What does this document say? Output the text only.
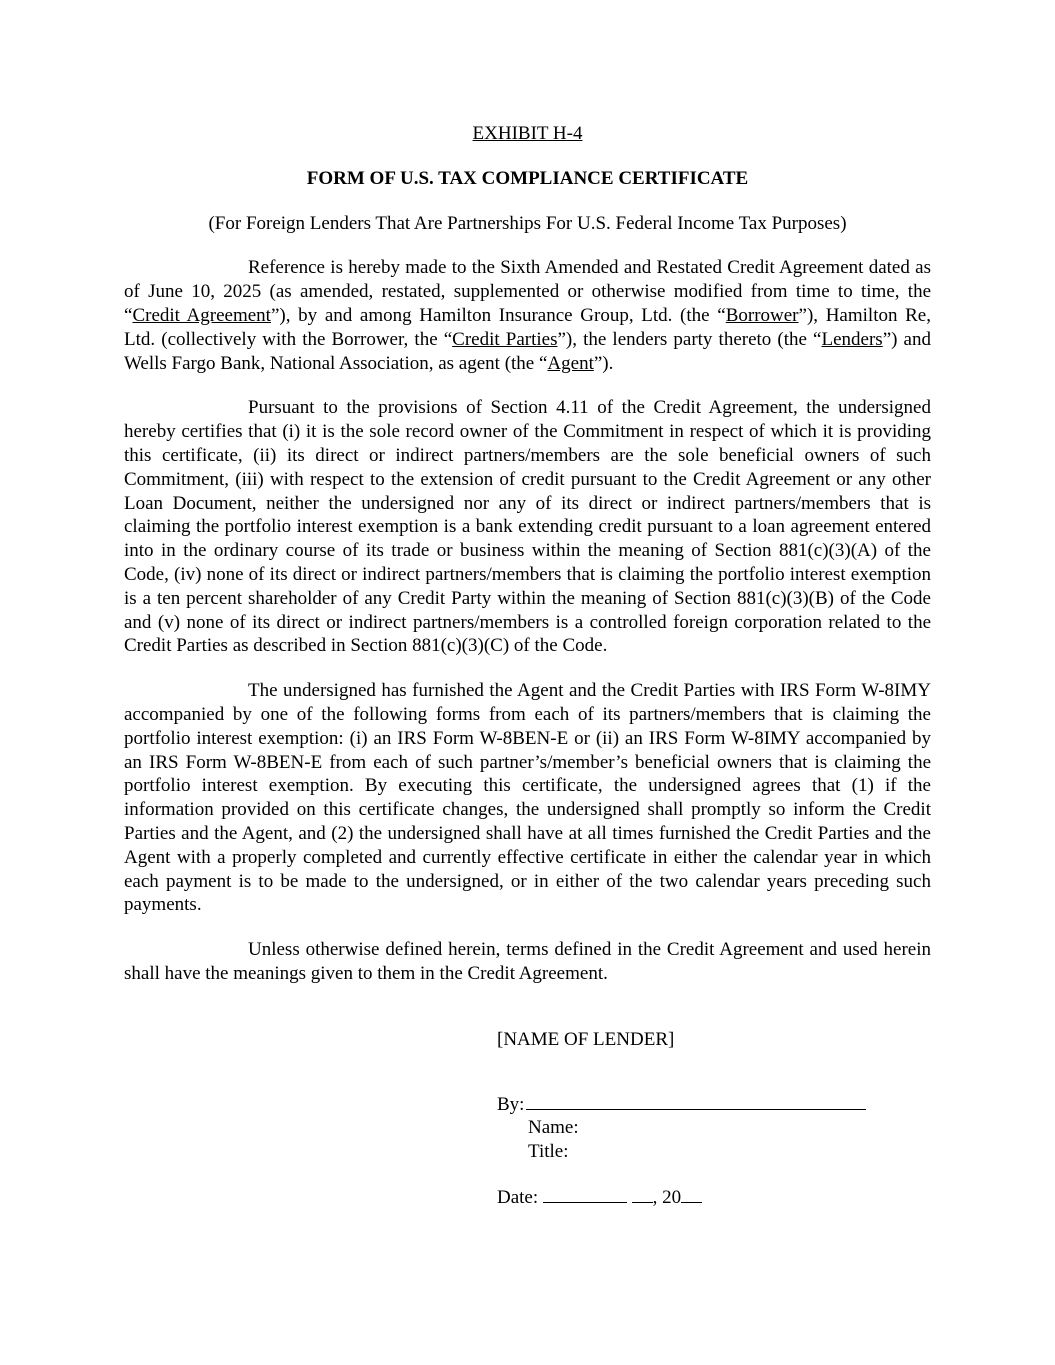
EXHIBIT H-4
FORM OF U.S. TAX COMPLIANCE CERTIFICATE
(For Foreign Lenders That Are Partnerships For U.S. Federal Income Tax Purposes)

Reference is hereby made to the Sixth Amended and Restated Credit Agreement dated as of June 10, 2025 (as amended, restated, supplemented or otherwise modified from time to time, the “Credit Agreement”), by and among Hamilton Insurance Group, Ltd. (the “Borrower”), Hamilton Re, Ltd. (collectively with the Borrower, the “Credit Parties”), the lenders party thereto (the “Lenders”) and Wells Fargo Bank, National Association, as agent (the “Agent”).

Pursuant to the provisions of Section 4.11 of the Credit Agreement, the undersigned hereby certifies that (i) it is the sole record owner of the Commitment in respect of which it is providing this certificate, (ii) its direct or indirect partners/members are the sole beneficial owners of such Commitment, (iii) with respect to the extension of credit pursuant to the Credit Agreement or any other Loan Document, neither the undersigned nor any of its direct or indirect partners/members that is claiming the portfolio interest exemption is a bank extending credit pursuant to a loan agreement entered into in the ordinary course of its trade or business within the meaning of Section 881(c)(3)(A) of the Code, (iv) none of its direct or indirect partners/members that is claiming the portfolio interest exemption is a ten percent shareholder of any Credit Party within the meaning of Section 881(c)(3)(B) of the Code and (v) none of its direct or indirect partners/members is a controlled foreign corporation related to the Credit Parties as described in Section 881(c)(3)(C) of the Code.

The undersigned has furnished the Agent and the Credit Parties with IRS Form W-8IMY accompanied by one of the following forms from each of its partners/members that is claiming the portfolio interest exemption: (i) an IRS Form W-8BEN-E or (ii) an IRS Form W-8IMY accompanied by an IRS Form W-8BEN-E from each of such partner’s/member’s beneficial owners that is claiming the portfolio interest exemption. By executing this certificate, the undersigned agrees that (1) if the information provided on this certificate changes, the undersigned shall promptly so inform the Credit Parties and the Agent, and (2) the undersigned shall have at all times furnished the Credit Parties and the Agent with a properly completed and currently effective certificate in either the calendar year in which each payment is to be made to the undersigned, or in either of the two calendar years preceding such payments.

Unless otherwise defined herein, terms defined in the Credit Agreement and used herein shall have the meanings given to them in the Credit Agreement.

[NAME OF LENDER]
By:
Name:
Title:
Date:	, 20
